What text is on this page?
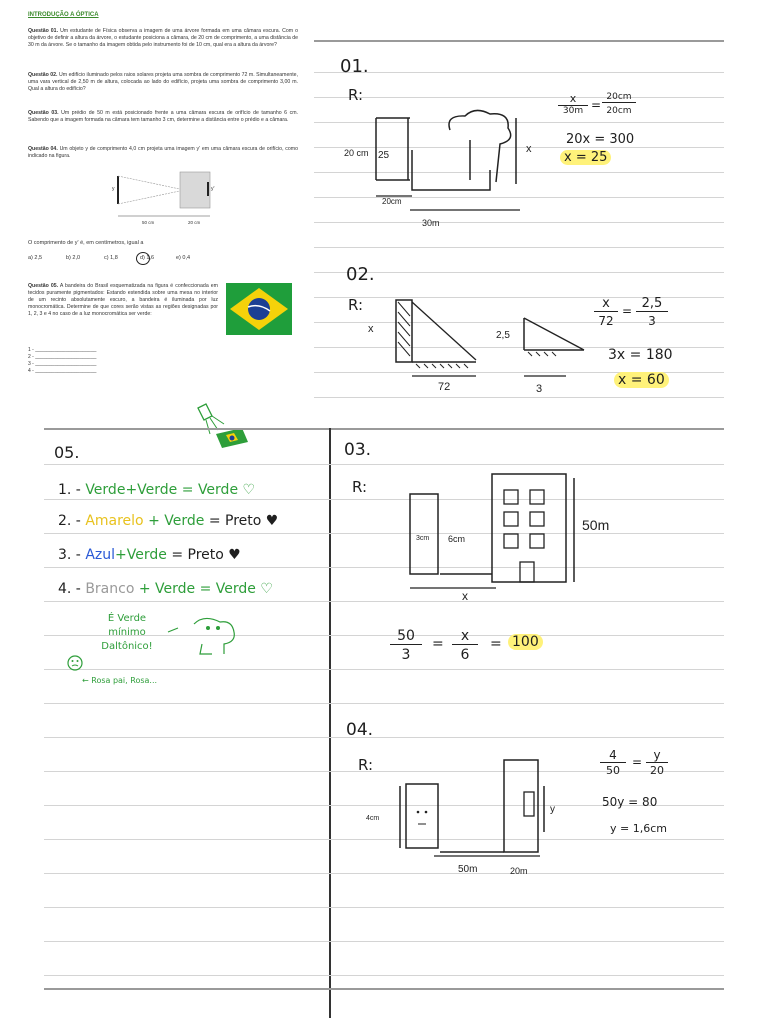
INTRODUÇÃO A ÓPTICA
Questão 01. Um estudante de Física observa a imagem de uma árvore formada em uma câmara escura. Com o objetivo de definir a altura da árvore, o estudante posiciona a câmara, de 20 cm de comprimento, a uma distância de 30 m da árvore. Se o tamanho da imagem obtida pelo instrumento foi de 10 cm, qual era a altura da árvore?
Questão 02. Um edifício iluminado pelos raios solares projeta uma sombra de comprimento 72 m. Simultaneamente, uma vara vertical de 2,50 m de altura, colocada ao lado do edifício, projeta uma sombra de comprimento 3,00 m. Qual a altura do edifício?
Questão 03. Um prédio de 50 m está posicionado frente a uma câmara escura de orifício de tamanho 6 cm. Sabendo que a imagem formada na câmara tem tamanho 3 cm, determine a distância entre o prédio e a câmara.
Questão 04. Um objeto y de comprimento 4,0 cm projeta uma imagem y' em uma câmara escura de orifício, como indicado na figura.
y	y'
50 cm	20 cm
O comprimento de y' é, em centímetros, igual a
a) 2,5	b) 2,0	c) 1,8	d) 1,6	e) 0,4
Questão 05. A bandeira do Brasil esquematizada na figura é confeccionada em tecidos puramente pigmentados: Estando estendida sobre uma mesa no interior de um recinto absolutamente escuro, a bandeira é iluminada por luz monocromática. Determine de que cores serão vistas as regiões designadas por 1, 2, 3 e 4 no caso de a luz monocromática ser verde:
1 - ______________________
2 - ______________________
3 - ______________________
4 - ______________________
01.
R:
20 cm 25
20cm
30m
x
x
30m =
20cm
20cm
20x = 300
x = 25
02.
R:
x
2,5
72	3
x
72
= 2,5
3
3x = 180
x = 60
05.
1. - Verde+Verde = Verde ♡
2. - Amarelo + Verde = Preto ♥
3. - Azul+Verde = Preto ♥
4. - Branco + Verde = Verde ♡
É Verde mínimo Daltônico!
← Rosa pai, Rosa...
03.
R:
3cm 6cm
50m
x
50
3
=	x
6
= 100
04.
R:
4cm
y
50m	20m
4
50
= y
20
50y = 80
y = 1,6cm
